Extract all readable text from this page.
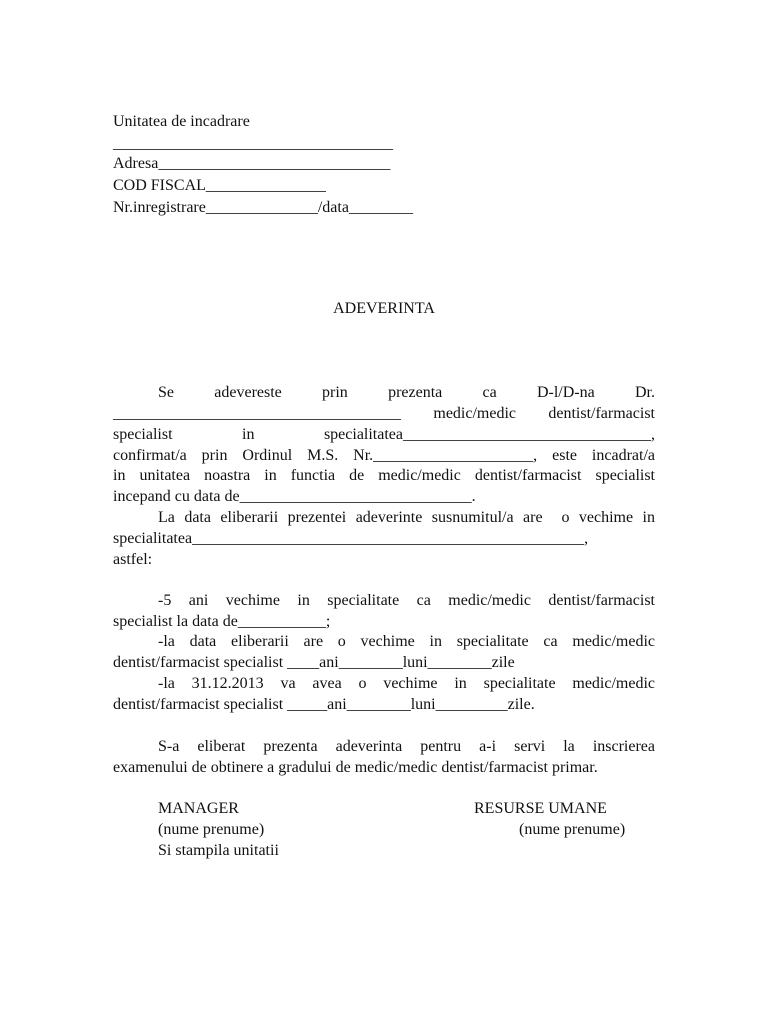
Unitatea de incadrare
___________________________________
Adresa_____________________________
COD FISCAL_______________
Nr.inregistrare______________/data________
ADEVERINTA
Se adevereste prin prezenta ca D-l/D-na Dr.
____________________________________ medic/medic dentist/farmacist
specialist in specialitatea_______________________________,
confirmat/a prin Ordinul M.S. Nr.____________________, este incadrat/a
in unitatea noastra in functia de medic/medic dentist/farmacist specialist
incepand cu data de_____________________________.
La data eliberarii prezentei adeverinte susnumitul/a are  o vechime in
specialitatea_________________________________________________,
astfel:
-5 ani vechime in specialitate ca medic/medic dentist/farmacist
specialist la data de___________;
-la data eliberarii are o vechime in specialitate ca medic/medic
dentist/farmacist specialist ____ani________luni________zile
-la 31.12.2013 va avea o vechime in specialitate medic/medic
dentist/farmacist specialist _____ani________luni_________zile.
S-a eliberat prezenta adeverinta pentru a-i servi la inscrierea
examenului de obtinere a gradului de medic/medic dentist/farmacist primar.
MANAGER
(nume prenume)
Si stampila unitatii
RESURSE UMANE
(nume prenume)
